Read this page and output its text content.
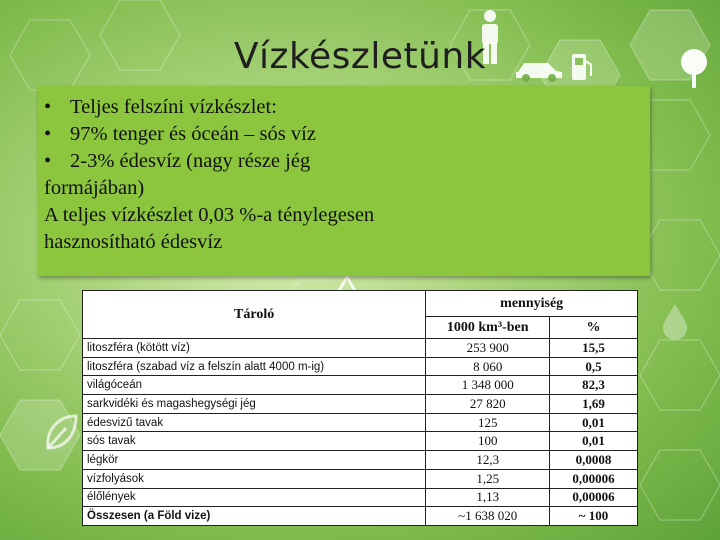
Vízkészletünk
• Teljes felszíni vízkészlet:
• 97% tenger és óceán – sós víz
• 2-3% édesvíz (nagy része jég
formájában)
A teljes vízkészlet 0,03 %-a ténylegesen
hasznosítható édesvíz
Tároló	mennyiség	
	1000 km³-ben	%
litoszféra (kötött víz)	253 900	15,5
litoszféra (szabad víz a felszín alatt 4000 m-ig)	8 060	0,5
világóceán	1 348 000	82,3
sarkvidéki és magashegységi jég	27 820	1,69
édesvizű tavak	125	0,01
sós tavak	100	0,01
légkör	12,3	0,0008
vízfolyások	1,25	0,00006
élőlények	1,13	0,00006
Összesen (a Föld vize)	~1 638 020	~ 100
